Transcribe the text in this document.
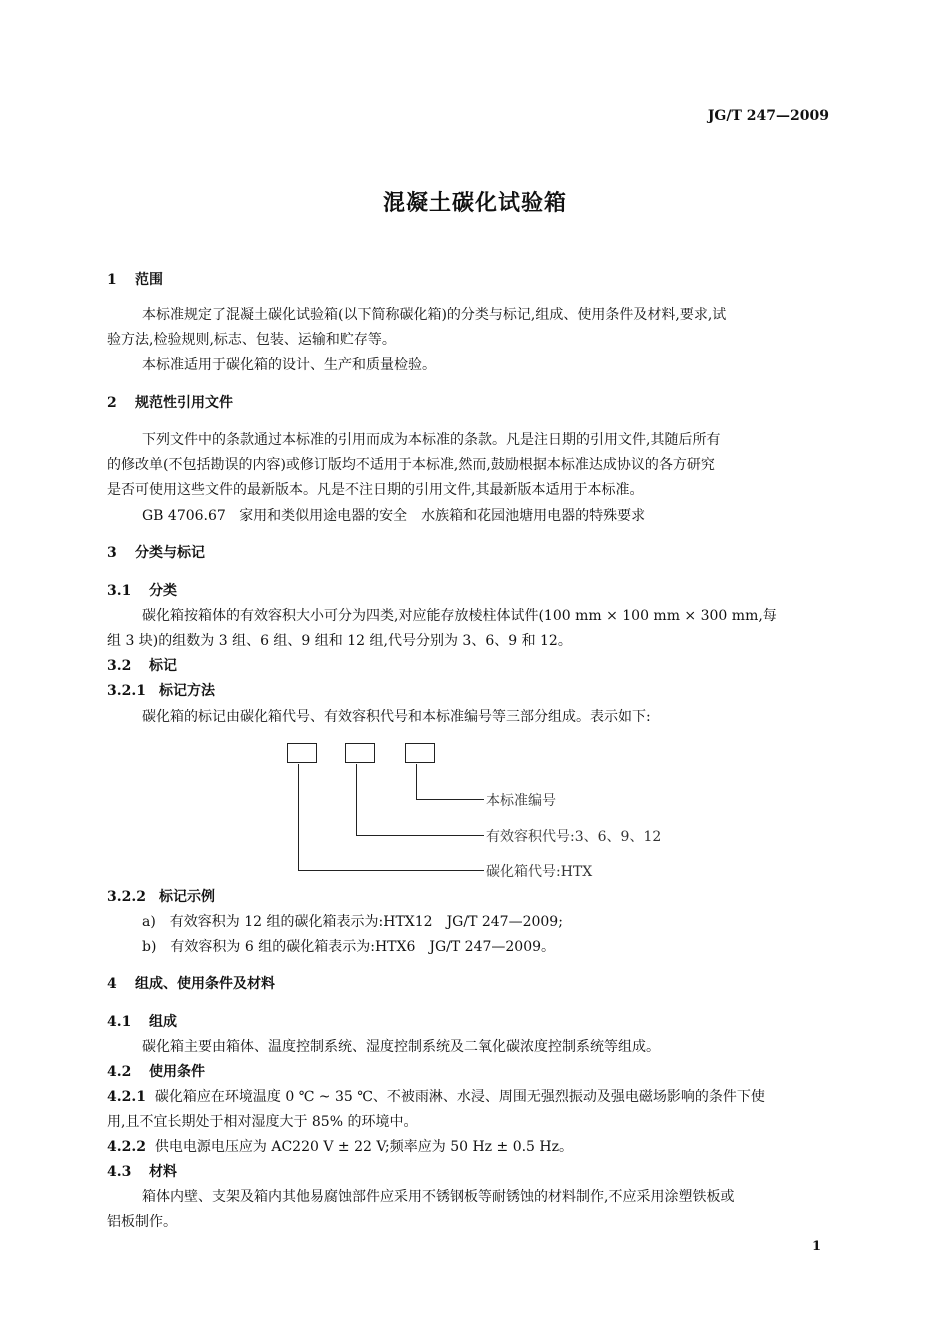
JG/T 247—2009
混凝土碳化试验箱
1 范围
本标准规定了混凝土碳化试验箱(以下简称碳化箱)的分类与标记,组成、使用条件及材料,要求,试
验方法,检验规则,标志、包装、运输和贮存等。
本标准适用于碳化箱的设计、生产和质量检验。
2 规范性引用文件
下列文件中的条款通过本标准的引用而成为本标准的条款。凡是注日期的引用文件,其随后所有
的修改单(不包括勘误的内容)或修订版均不适用于本标准,然而,鼓励根据本标准达成协议的各方研究
是否可使用这些文件的最新版本。凡是不注日期的引用文件,其最新版本适用于本标准。
GB 4706.67 家用和类似用途电器的安全　水族箱和花园池塘用电器的特殊要求
3 分类与标记
3.1 分类
碳化箱按箱体的有效容积大小可分为四类,对应能存放棱柱体试件(100 mm × 100 mm × 300 mm,每
组 3 块)的组数为 3 组、6 组、9 组和 12 组,代号分别为 3、6、9 和 12。
3.2 标记
3.2.1 标记方法
碳化箱的标记由碳化箱代号、有效容积代号和本标准编号等三部分组成。表示如下:
本标准编号
有效容积代号:3、6、9、12
碳化箱代号:HTX
3.2.2 标记示例
a)　有效容积为 12 组的碳化箱表示为:HTX12　JG/T 247—2009;
b)　有效容积为 6 组的碳化箱表示为:HTX6　JG/T 247—2009。
4 组成、使用条件及材料
4.1 组成
碳化箱主要由箱体、温度控制系统、湿度控制系统及二氧化碳浓度控制系统等组成。
4.2 使用条件
4.2.1 碳化箱应在环境温度 0 ℃ ~ 35 ℃、不被雨淋、水浸、周围无强烈振动及强电磁场影响的条件下使
用,且不宜长期处于相对湿度大于 85% 的环境中。
4.2.2 供电电源电压应为 AC220 V ± 22 V;频率应为 50 Hz ± 0.5 Hz。
4.3 材料
箱体内壁、支架及箱内其他易腐蚀部件应采用不锈钢板等耐锈蚀的材料制作,不应采用涂塑铁板或
铝板制作。
1
